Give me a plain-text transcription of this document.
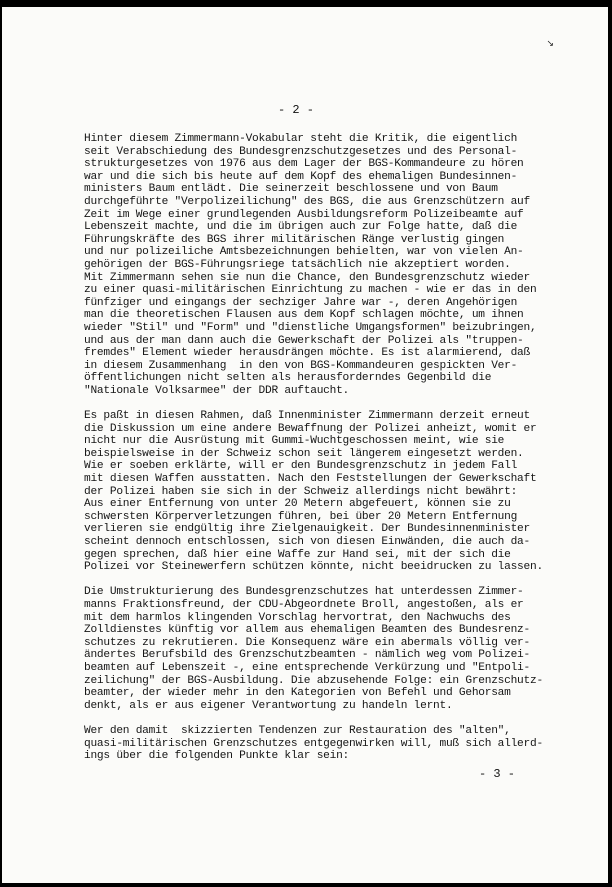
↘
- 2 -
Hinter diesem Zimmermann-Vokabular steht die Kritik, die eigentlich
seit Verabschiedung des Bundesgrenzschutzgesetzes und des Personal-
strukturgesetzes von 1976 aus dem Lager der BGS-Kommandeure zu hören
war und die sich bis heute auf dem Kopf des ehemaligen Bundesinnen-
ministers Baum entlädt. Die seinerzeit beschlossene und von Baum
durchgeführte "Verpolizeilichung" des BGS, die aus Grenzschützern auf
Zeit im Wege einer grundlegenden Ausbildungsreform Polizeibeamte auf
Lebenszeit machte, und die im übrigen auch zur Folge hatte, daß die
Führungskräfte des BGS ihrer militärischen Ränge verlustig gingen
und nur polizeiliche Amtsbezeichnungen behielten, war von vielen An-
gehörigen der BGS-Führungsriege tatsächlich nie akzeptiert worden.
Mit Zimmermann sehen sie nun die Chance, den Bundesgrenzschutz wieder
zu einer quasi-militärischen Einrichtung zu machen - wie er das in den
fünfziger und eingangs der sechziger Jahre war -, deren Angehörigen
man die theoretischen Flausen aus dem Kopf schlagen möchte, um ihnen
wieder "Stil" und "Form" und "dienstliche Umgangsformen" beizubringen,
und aus der man dann auch die Gewerkschaft der Polizei als "truppen-
fremdes" Element wieder herausdrängen möchte. Es ist alarmierend, daß
in diesem Zusammenhang  in den von BGS-Kommandeuren gespickten Ver-
öffentlichungen nicht selten als herausforderndes Gegenbild die
"Nationale Volksarmee" der DDR auftaucht.
Es paßt in diesen Rahmen, daß Innenminister Zimmermann derzeit erneut
die Diskussion um eine andere Bewaffnung der Polizei anheizt, womit er
nicht nur die Ausrüstung mit Gummi-Wuchtgeschossen meint, wie sie
beispielsweise in der Schweiz schon seit längerem eingesetzt werden.
Wie er soeben erklärte, will er den Bundesgrenzschutz in jedem Fall
mit diesen Waffen ausstatten. Nach den Feststellungen der Gewerkschaft
der Polizei haben sie sich in der Schweiz allerdings nicht bewährt:
Aus einer Entfernung von unter 20 Metern abgefeuert, können sie zu
schwersten Körperverletzungen führen, bei über 20 Metern Entfernung
verlieren sie endgültig ihre Zielgenauigkeit. Der Bundesinnenminister
scheint dennoch entschlossen, sich von diesen Einwänden, die auch da-
gegen sprechen, daß hier eine Waffe zur Hand sei, mit der sich die
Polizei vor Steinewerfern schützen könnte, nicht beeidrucken zu lassen.
Die Umstrukturierung des Bundesgrenzschutzes hat unterdessen Zimmer-
manns Fraktionsfreund, der CDU-Abgeordnete Broll, angestoßen, als er
mit dem harmlos klingenden Vorschlag hervortrat, den Nachwuchs des
Zolldienstes künftig vor allem aus ehemaligen Beamten des Bundesrenz-
schutzes zu rekrutieren. Die Konsequenz wäre ein abermals völlig ver-
ändertes Berufsbild des Grenzschutzbeamten - nämlich weg vom Polizei-
beamten auf Lebenszeit -, eine entsprechende Verkürzung und "Entpoli-
zeilichung" der BGS-Ausbildung. Die abzusehende Folge: ein Grenzschutz-
beamter, der wieder mehr in den Kategorien von Befehl und Gehorsam
denkt, als er aus eigener Verantwortung zu handeln lernt.
Wer den damit  skizzierten Tendenzen zur Restauration des "alten",
quasi-militärischen Grenzschutzes entgegenwirken will, muß sich allerd-
ings über die folgenden Punkte klar sein:
- 3 -
